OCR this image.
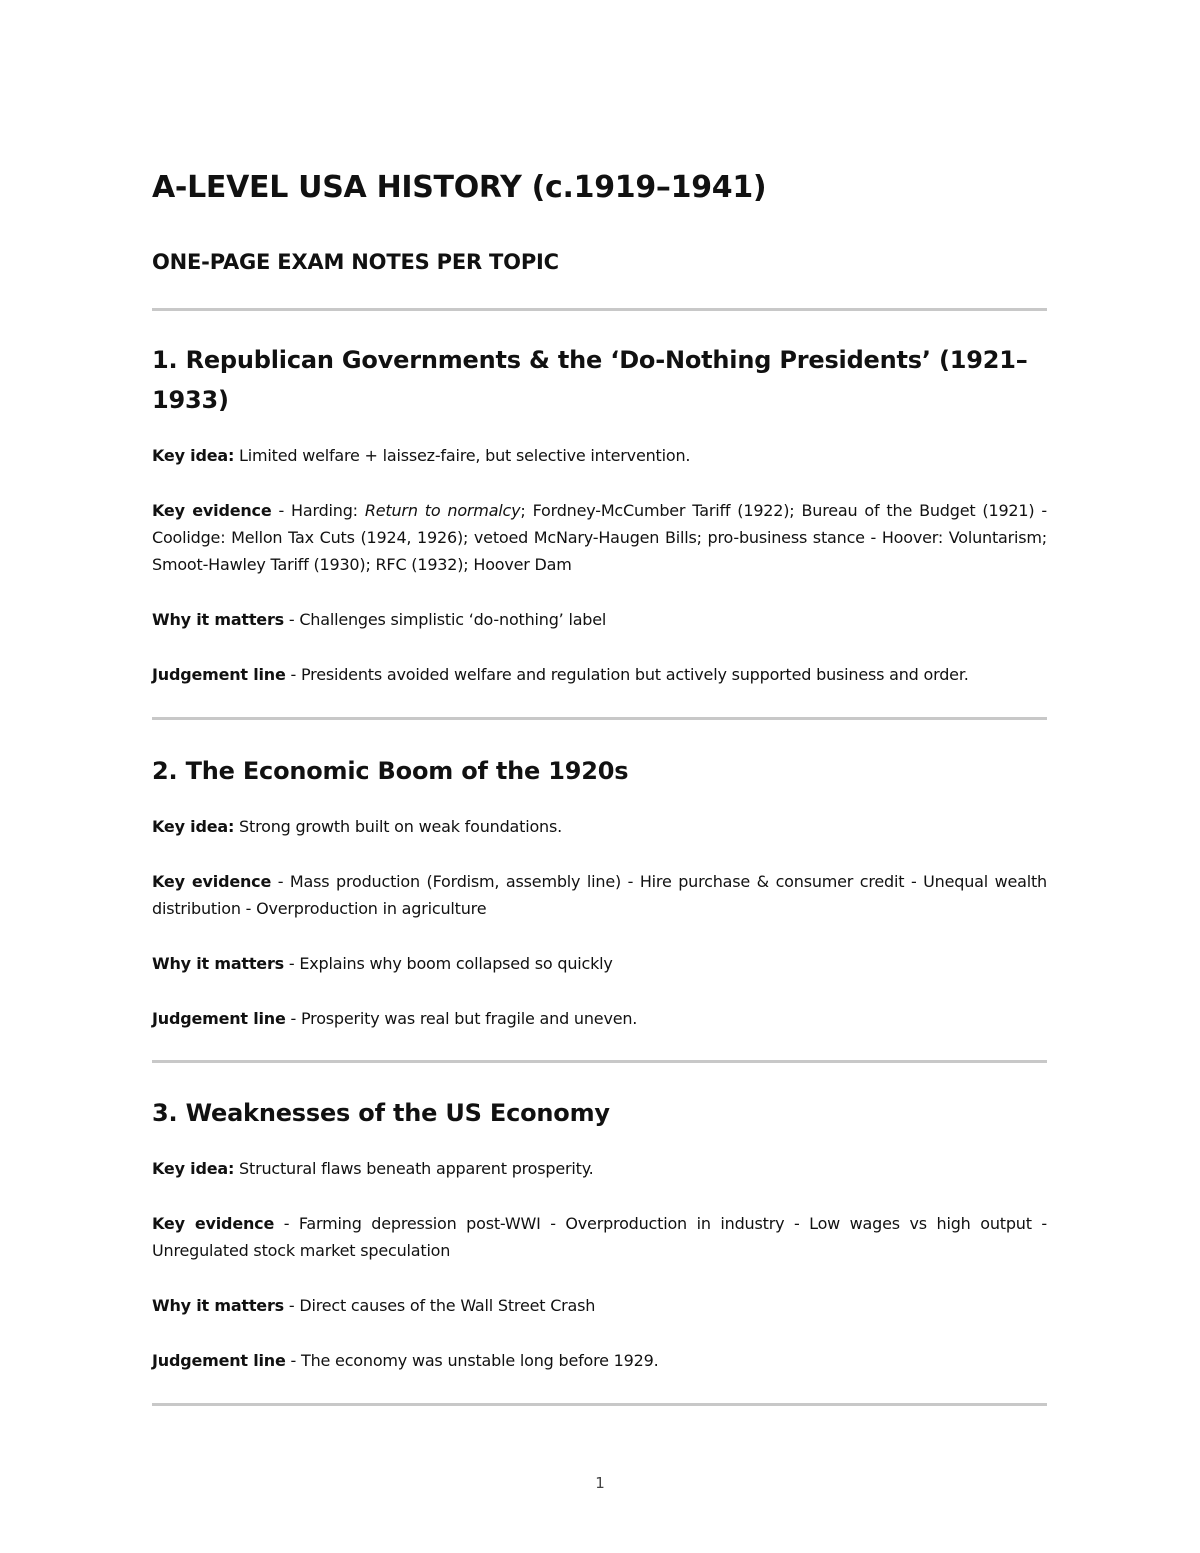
A-LEVEL USA HISTORY (c.1919–1941)
ONE-PAGE EXAM NOTES PER TOPIC
1. Republican Governments & the ‘Do-Nothing Presidents’ (1921–1933)

Key idea: Limited welfare + laissez-faire, but selective intervention.

Key evidence - Harding: Return to normalcy; Fordney-McCumber Tariff (1922); Bureau of the Budget (1921) - Coolidge: Mellon Tax Cuts (1924, 1926); vetoed McNary-Haugen Bills; pro-business stance - Hoover: Voluntarism; Smoot-Hawley Tariff (1930); RFC (1932); Hoover Dam

Why it matters - Challenges simplistic ‘do-nothing’ label

Judgement line - Presidents avoided welfare and regulation but actively supported business and order.

2. The Economic Boom of the 1920s

Key idea: Strong growth built on weak foundations.

Key evidence - Mass production (Fordism, assembly line) - Hire purchase & consumer credit - Unequal wealth distribution - Overproduction in agriculture

Why it matters - Explains why boom collapsed so quickly

Judgement line - Prosperity was real but fragile and uneven.

3. Weaknesses of the US Economy

Key idea: Structural flaws beneath apparent prosperity.

Key evidence - Farming depression post-WWI - Overproduction in industry - Low wages vs high output - Unregulated stock market speculation

Why it matters - Direct causes of the Wall Street Crash

Judgement line - The economy was unstable long before 1929.

1
